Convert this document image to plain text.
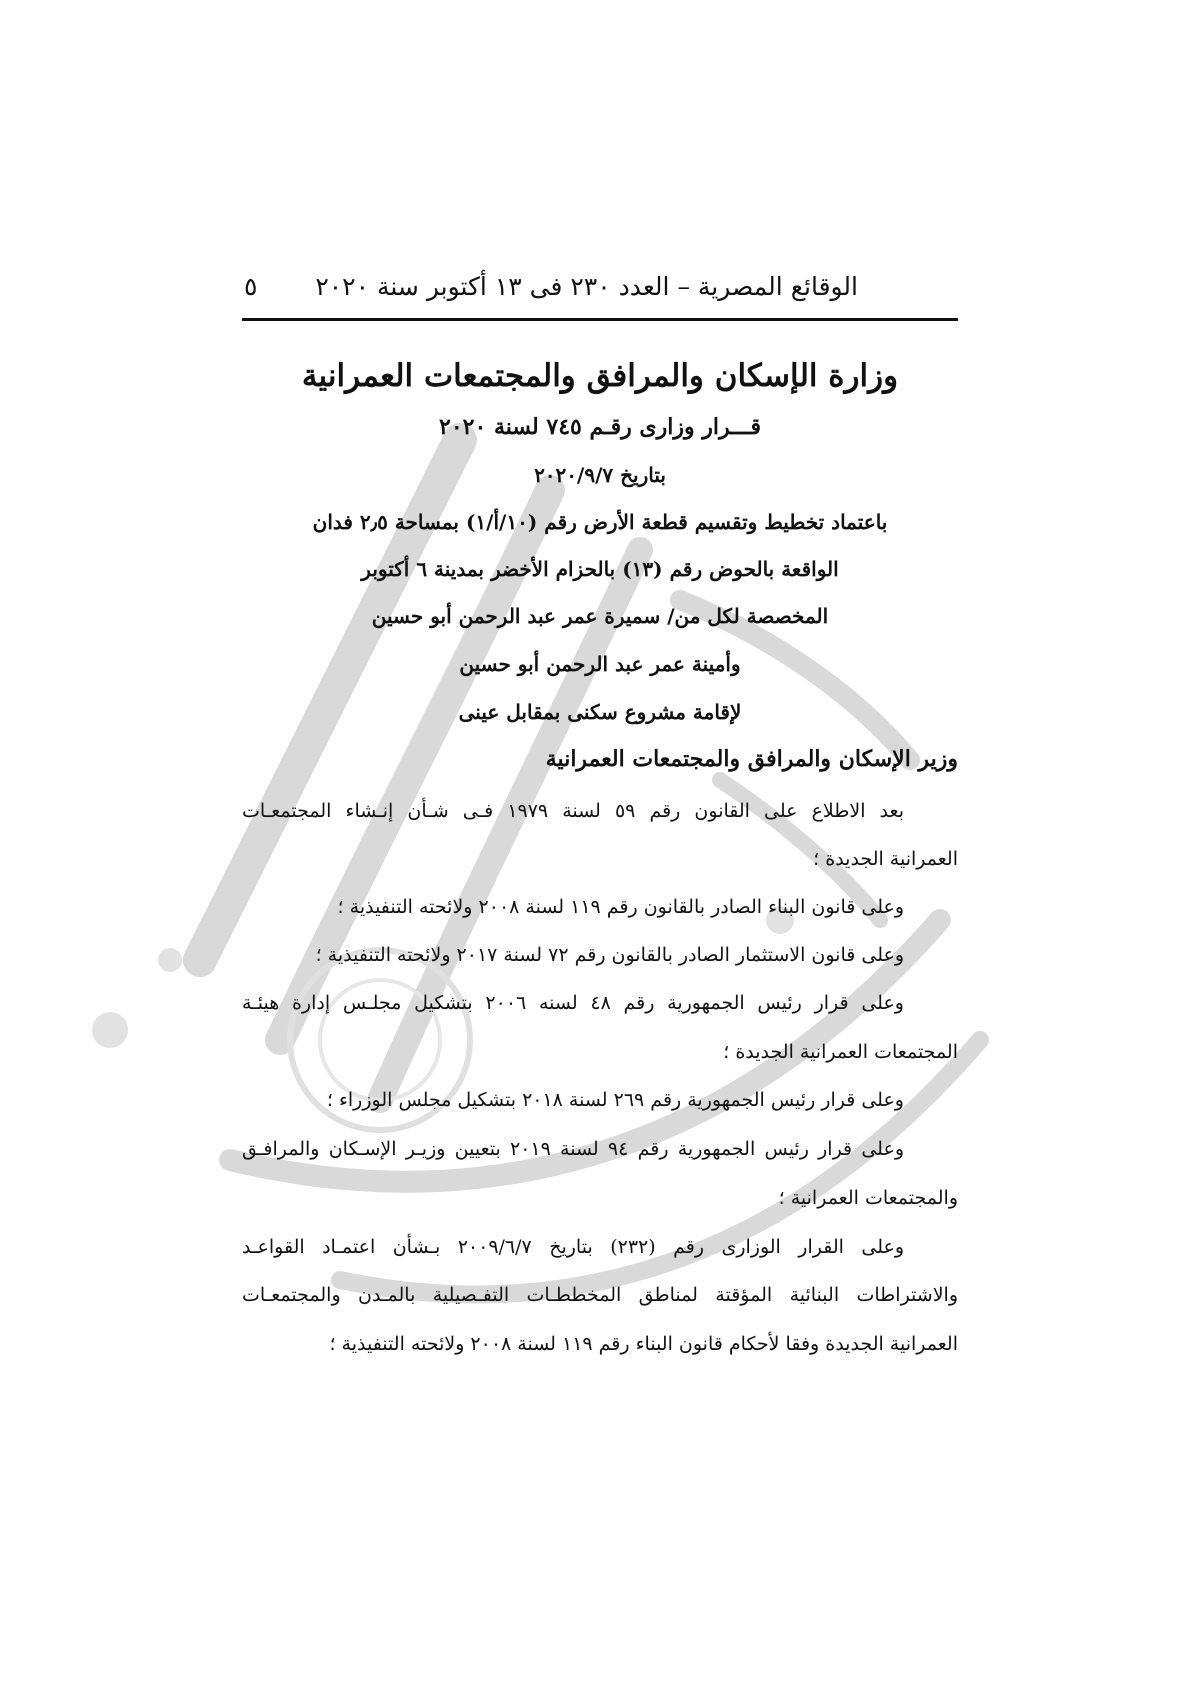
الوقائع المصرية – العدد ٢٣٠ فى ١٣ أكتوبر سنة ٢٠٢٠
٥
وزارة الإسكان والمرافق والمجتمعات العمرانية
قـــرار وزارى رقـم ٧٤٥ لسنة ٢٠٢٠
بتاريخ ٢٠٢٠/٩/٧
باعتماد تخطيط وتقسيم قطعة الأرض رقم (١٠/أ/١) بمساحة ٢٫٥ فدان
الواقعة بالحوض رقم (١٣) بالحزام الأخضر بمدينة ٦ أكتوبر
المخصصة لكل من/ سميرة عمر عبد الرحمن أبو حسين
وأمينة عمر عبد الرحمن أبو حسين
لإقامة مشروع سكنى بمقابل عينى
وزير الإسكان والمرافق والمجتمعات العمرانية
بعد الاطلاع على القانون رقم ٥٩ لسنة ١٩٧٩ فـى شـأن إنـشاء المجتمعـات
العمرانية الجديدة ؛
وعلى قانون البناء الصادر بالقانون رقم ١١٩ لسنة ٢٠٠٨ ولائحته التنفيذية ؛
وعلى قانون الاستثمار الصادر بالقانون رقم ٧٢ لسنة ٢٠١٧ ولائحته التنفيذية ؛
وعلى قرار رئيس الجمهورية رقم ٤٨ لسنه ٢٠٠٦ بتشكيل مجلـس إدارة هيئـة
المجتمعات العمرانية الجديدة ؛
وعلى قرار رئيس الجمهورية رقم ٢٦٩ لسنة ٢٠١٨ بتشكيل مجلس الوزراء ؛
وعلى قرار رئيس الجمهورية رقم ٩٤ لسنة ٢٠١٩ بتعيين وزيـر الإسـكان والمرافـق
والمجتمعات العمرانية ؛
وعلى القرار الوزارى رقم (٢٣٢) بتاريخ ٢٠٠٩/٦/٧ بـشأن اعتمـاد القواعـد
والاشتراطات البنائية المؤقتة لمناطق المخططـات التفـصيلية بالمـدن والمجتمعـات
العمرانية الجديدة وفقا لأحكام قانون البناء رقم ١١٩ لسنة ٢٠٠٨ ولائحته التنفيذية ؛
